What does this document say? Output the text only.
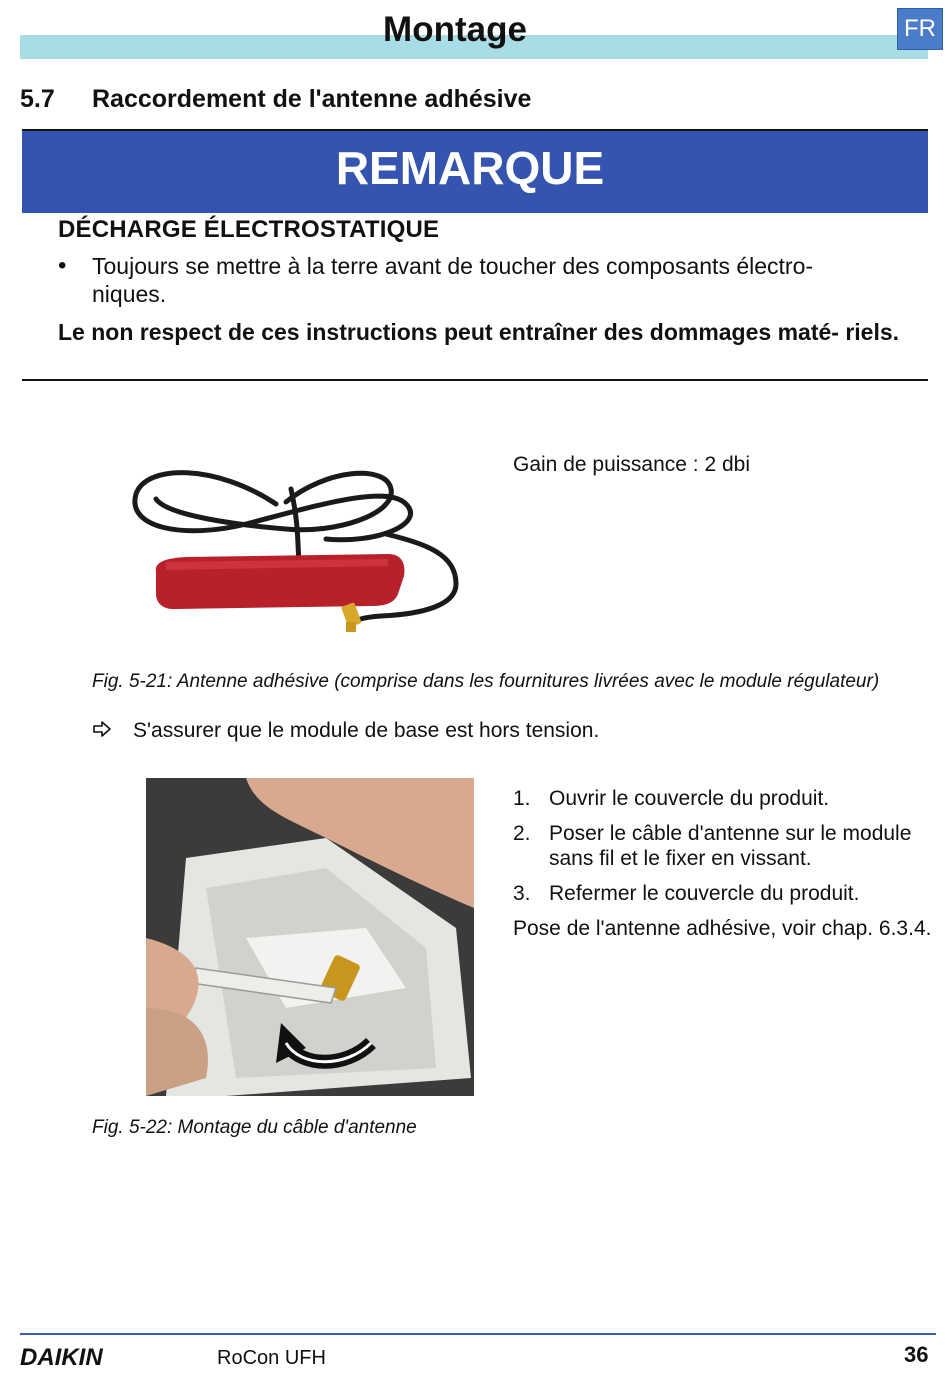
Montage	FR
5.7 Raccordement de l'antenne adhésive
REMARQUE
DÉCHARGE ÉLECTROSTATIQUE
• Toujours se mettre à la terre avant de toucher des composants électro- niques.
Le non respect de ces instructions peut entraîner des dommages maté- riels.
Gain de puissance : 2 dbi
Fig. 5-21: Antenne adhésive (comprise dans les fournitures livrées avec le module régulateur)
S'assurer que le module de base est hors tension.
1. Ouvrir le couvercle du produit.
2. Poser le câble d'antenne sur le module sans fil et le fixer en vissant.
3. Refermer le couvercle du produit.
Pose de l'antenne adhésive, voir chap. 6.3.4.
Fig. 5-22: Montage du câble d'antenne
DAIKIN	RoCon UFH	36
